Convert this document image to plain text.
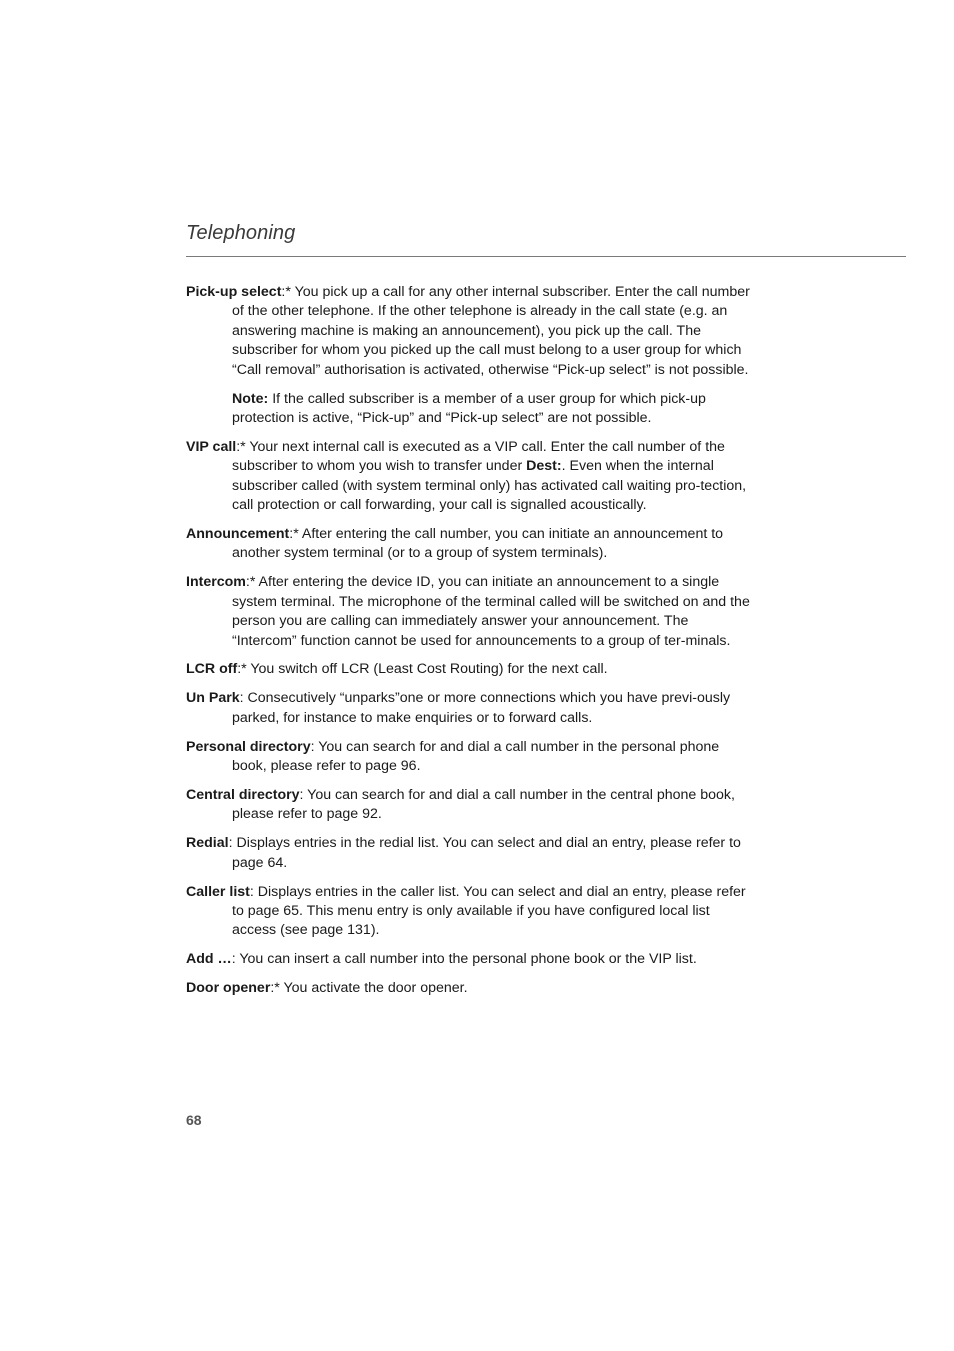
Telephoning

Pick-up select:* You pick up a call for any other internal subscriber. Enter the call number of the other telephone. If the other telephone is already in the call state (e.g. an answering machine is making an announcement), you pick up the call. The subscriber for whom you picked up the call must belong to a user group for which “Call removal” authorisation is activated, otherwise “Pick-up select” is not possible.

Note: If the called subscriber is a member of a user group for which pick-up protection is active, “Pick-up” and “Pick-up select” are not possible.

VIP call:* Your next internal call is executed as a VIP call. Enter the call number of the subscriber to whom you wish to transfer under Dest:. Even when the internal subscriber called (with system terminal only) has activated call waiting pro-tection, call protection or call forwarding, your call is signalled acoustically.

Announcement:* After entering the call number, you can initiate an announcement to another system terminal (or to a group of system terminals).

Intercom:* After entering the device ID, you can initiate an announcement to a single system terminal. The microphone of the terminal called will be switched on and the person you are calling can immediately answer your announcement. The “Intercom” function cannot be used for announcements to a group of ter-minals.

LCR off:* You switch off LCR (Least Cost Routing) for the next call.

Un Park: Consecutively “unparks”one or more connections which you have previ-ously parked, for instance to make enquiries or to forward calls.

Personal directory: You can search for and dial a call number in the personal phone book, please refer to page 96.

Central directory: You can search for and dial a call number in the central phone book, please refer to page 92.

Redial: Displays entries in the redial list. You can select and dial an entry, please refer to page 64.

Caller list: Displays entries in the caller list. You can select and dial an entry, please refer to page 65. This menu entry is only available if you have configured local list access (see page 131).

Add …: You can insert a call number into the personal phone book or the VIP list.

Door opener:* You activate the door opener.

68
